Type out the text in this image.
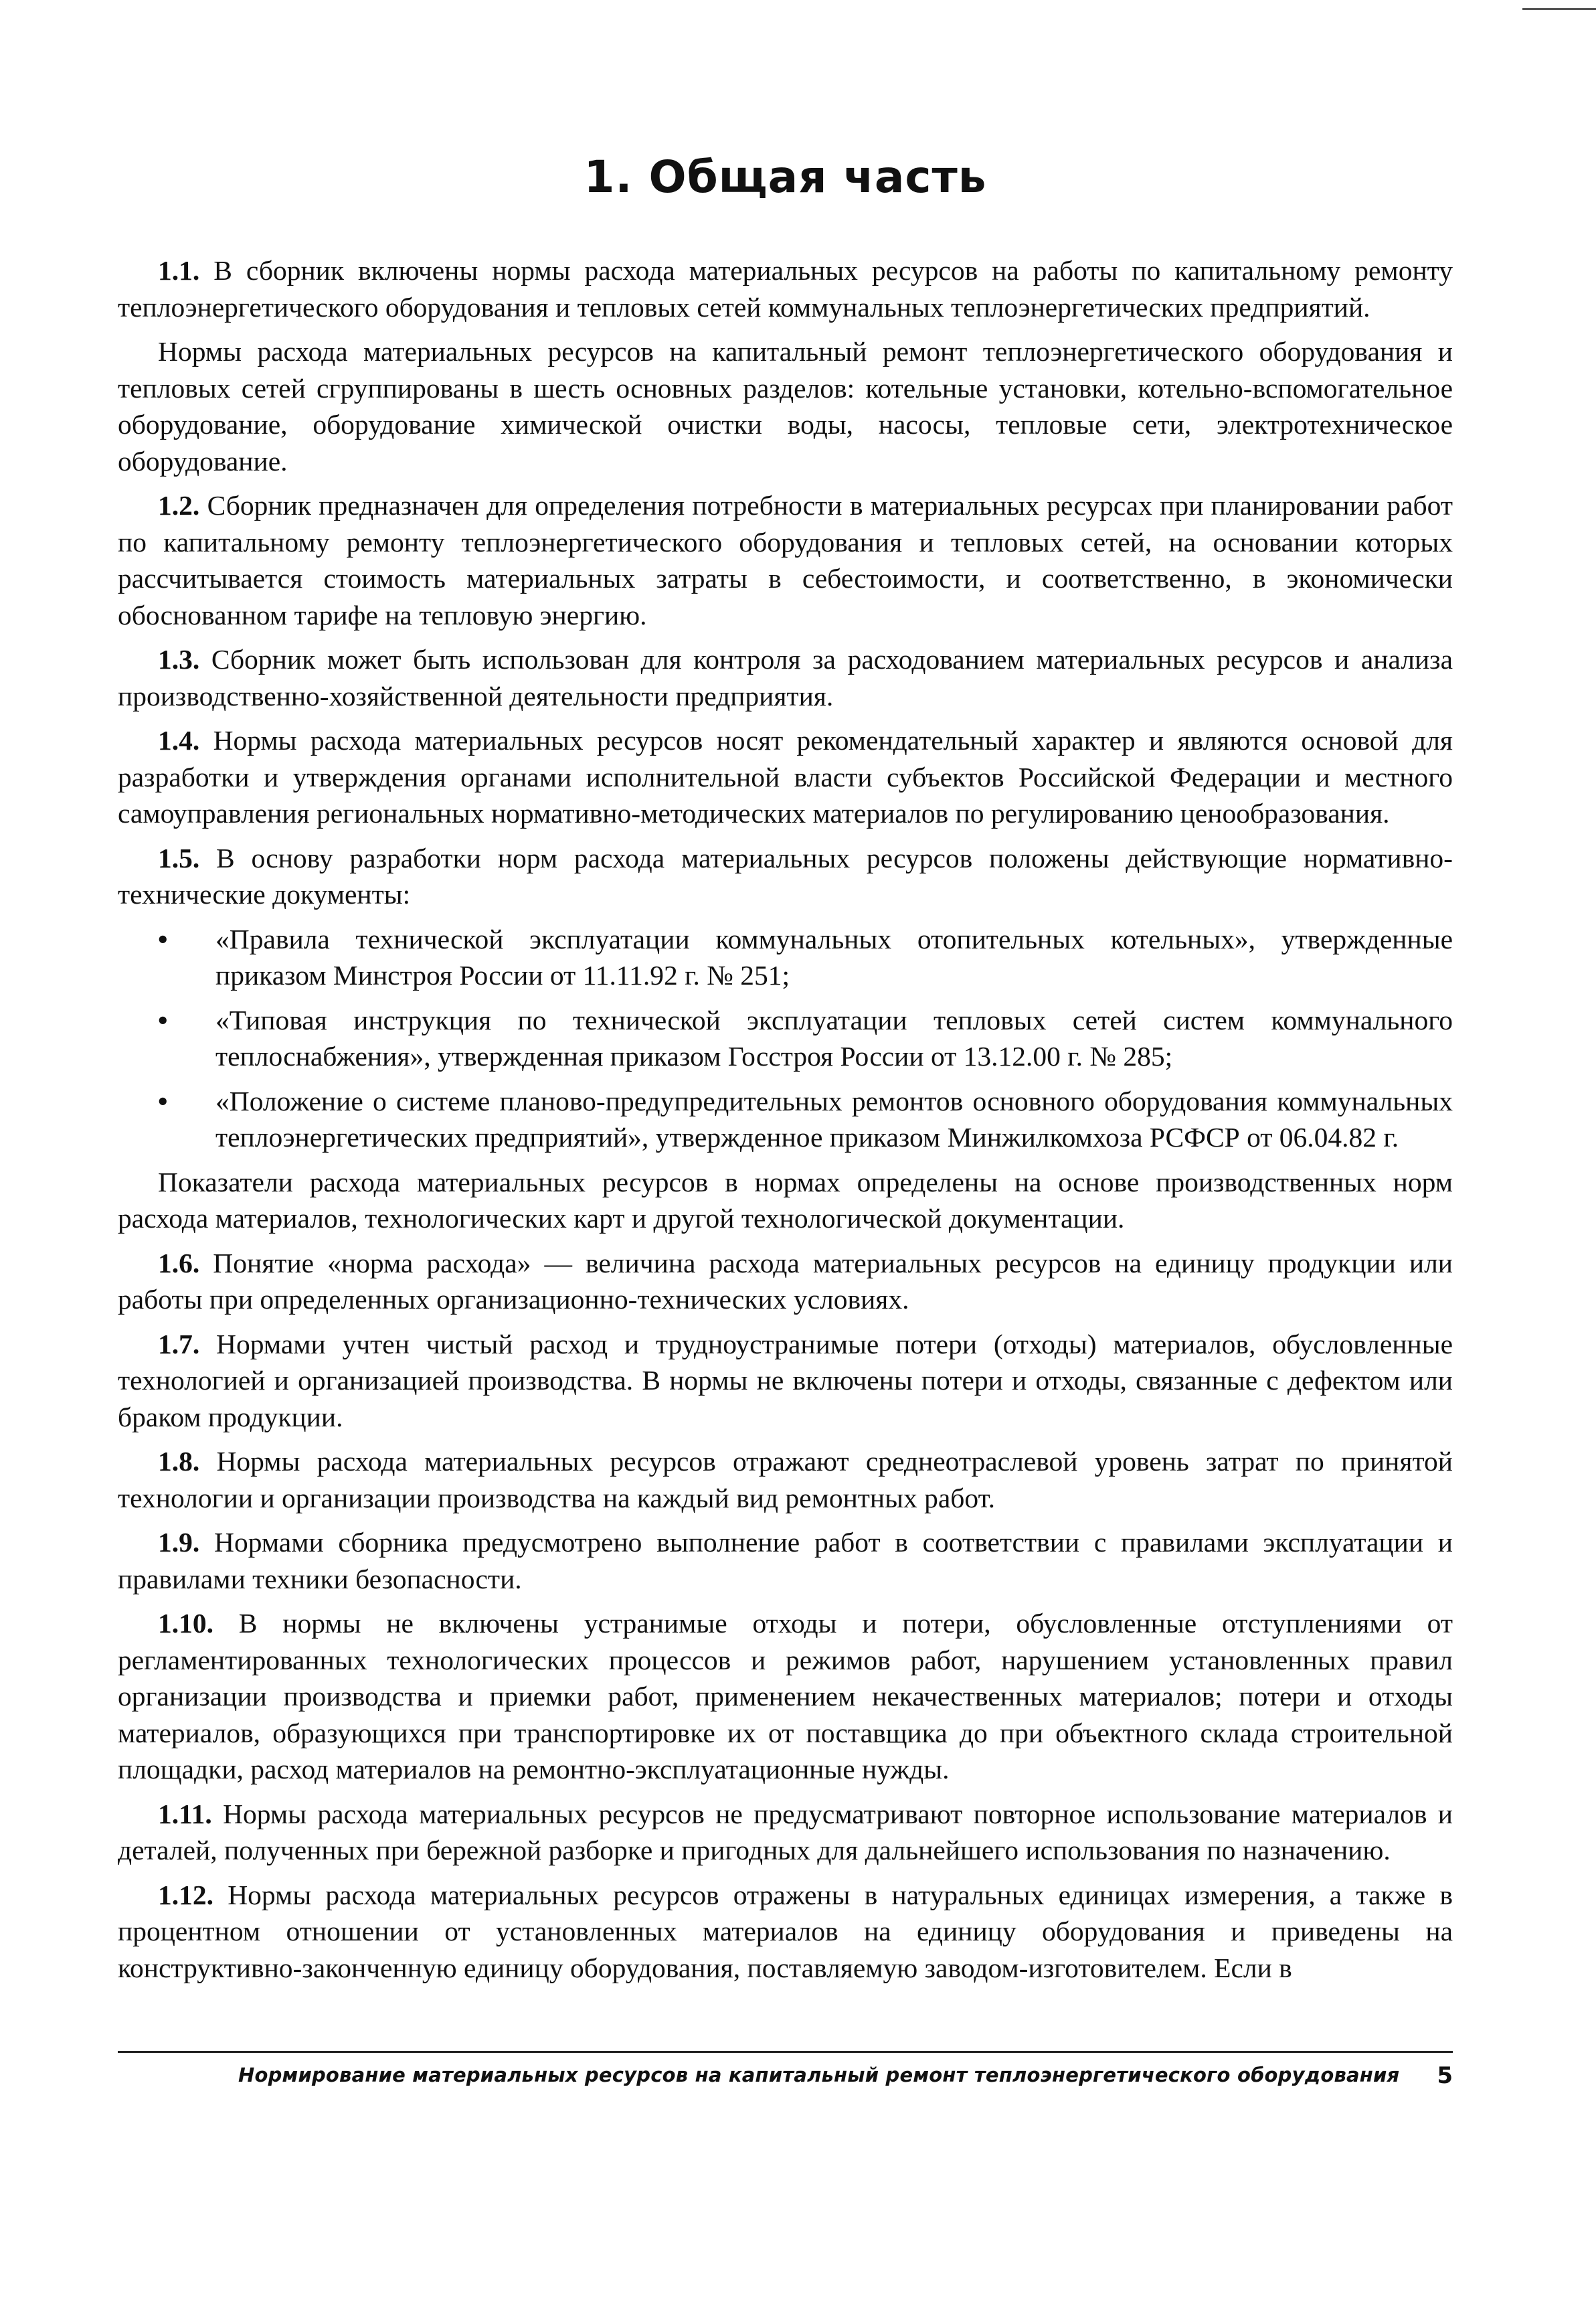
1. Общая часть

1.1. В сборник включены нормы расхода материальных ресурсов на работы по капитальному ремонту теплоэнергетического оборудования и тепловых сетей коммунальных теплоэнергетических предприятий.

Нормы расхода материальных ресурсов на капитальный ремонт теплоэнергетического оборудования и тепловых сетей сгруппированы в шесть основных разделов: котельные установки, котельно-вспомогательное оборудование, оборудование химической очистки воды, насосы, тепловые сети, электротехническое оборудование.

1.2. Сборник предназначен для определения потребности в материальных ресурсах при планировании работ по капитальному ремонту теплоэнергетического оборудования и тепловых сетей, на основании которых рассчитывается стоимость материальных затраты в себестоимости, и соответственно, в экономически обоснованном тарифе на тепловую энергию.

1.3. Сборник может быть использован для контроля за расходованием материальных ресурсов и анализа производственно-хозяйственной деятельности предприятия.

1.4. Нормы расхода материальных ресурсов носят рекомендательный характер и являются основой для разработки и утверждения органами исполнительной власти субъектов Российской Федерации и местного самоуправления региональных нормативно-методических материалов по регулированию ценообразования.

1.5. В основу разработки норм расхода материальных ресурсов положены действующие нормативно-технические документы:

• «Правила технической эксплуатации коммунальных отопительных котельных», утвержденные приказом Минстроя России от 11.11.92 г. № 251;

• «Типовая инструкция по технической эксплуатации тепловых сетей систем коммунального теплоснабжения», утвержденная приказом Госстроя России от 13.12.00 г. № 285;

• «Положение о системе планово-предупредительных ремонтов основного оборудования коммунальных теплоэнергетических предприятий», утвержденное приказом Минжилкомхоза РСФСР от 06.04.82 г.

Показатели расхода материальных ресурсов в нормах определены на основе производственных норм расхода материалов, технологических карт и другой технологической документации.

1.6. Понятие «норма расхода» — величина расхода материальных ресурсов на единицу продукции или работы при определенных организационно-технических условиях.

1.7. Нормами учтен чистый расход и трудноустранимые потери (отходы) материалов, обусловленные технологией и организацией производства. В нормы не включены потери и отходы, связанные с дефектом или браком продукции.

1.8. Нормы расхода материальных ресурсов отражают среднеотраслевой уровень затрат по принятой технологии и организации производства на каждый вид ремонтных работ.

1.9. Нормами сборника предусмотрено выполнение работ в соответствии с правилами эксплуатации и правилами техники безопасности.

1.10. В нормы не включены устранимые отходы и потери, обусловленные отступлениями от регламентированных технологических процессов и режимов работ, нарушением установленных правил организации производства и приемки работ, применением некачественных материалов; потери и отходы материалов, образующихся при транспортировке их от поставщика до при объектного склада строительной площадки, расход материалов на ремонтно-эксплуатационные нужды.

1.11. Нормы расхода материальных ресурсов не предусматривают повторное использование материалов и деталей, полученных при бережной разборке и пригодных для дальнейшего использования по назначению.

1.12. Нормы расхода материальных ресурсов отражены в натуральных единицах измерения, а также в процентном отношении от установленных материалов на единицу оборудования и приведены на конструктивно-законченную единицу оборудования, поставляемую заводом-изготовителем. Если в

Нормирование материальных ресурсов на капитальный ремонт теплоэнергетического оборудования 5
